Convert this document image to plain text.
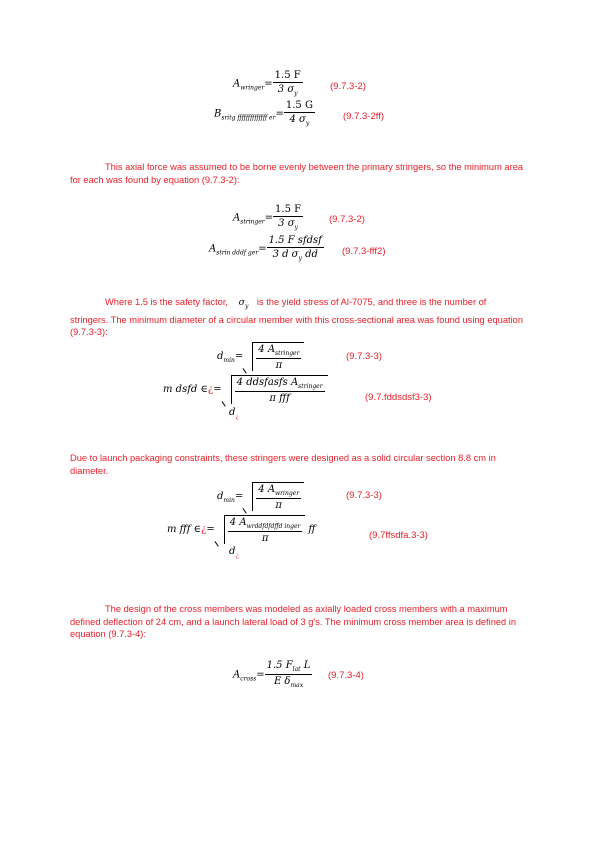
$A_{wringer}= \frac{1.5 F}{3 \sigma_y}$	(9.7.3-2)
$B_{sritg ffffffffffffff er}= \frac{1.5 G}{4 \sigma_y}$	(9.7.3-2ff)
This axial force was assumed to be borne evenly between the primary stringers, so the minimum area for each was found by equation (9.7.3-2):
$A_{stringer}= \frac{1.5 F}{3 \sigma_y}$	(9.7.3-2)
$A_{strin dddf ger}= \frac{\text{1.5 F sfdsf}}{3 d \sigma_y dd} (9.7.3-fff2)$
Where 1.5 is the safety factor, $\sigma_y$ is the yield stress of Al-7075, and three is the number of stringers. The minimum diameter of a circular member with this cross-sectional area was found using equation (9.7.3-3):
$d_{min}= \frac{4 A_{stringer}}{\pi}$	(9.7.3-3)
m dsfd ∈¿= $\frac{4 ddsfasfs A_{stringer}}{\text{π fff}}$
$d_¿$
(9.7.fddsdsf3-3)
Due to launch packaging constraints, these stringers were designed as a solid circular section 8.8 cm in diameter.
$d_{min}= \frac{4 A_{wringer}}{\pi}$	(9.7.3-3)
m fff ∈¿= $\frac{4 A_{wrddfdfdffd inger}}{\pi}$ ff
$d_¿$
(9.7ffsdfa.3-3)
The design of the cross members was modeled as axially loaded cross members with a maximum defined deflection of 24 cm, and a launch lateral load of 3 g's. The minimum cross member area is defined in equation (9.7.3-4):
$A_{cross}= \frac{1.5 F_{lat} L}{E \delta_{max}} (9.7.3-4)$
